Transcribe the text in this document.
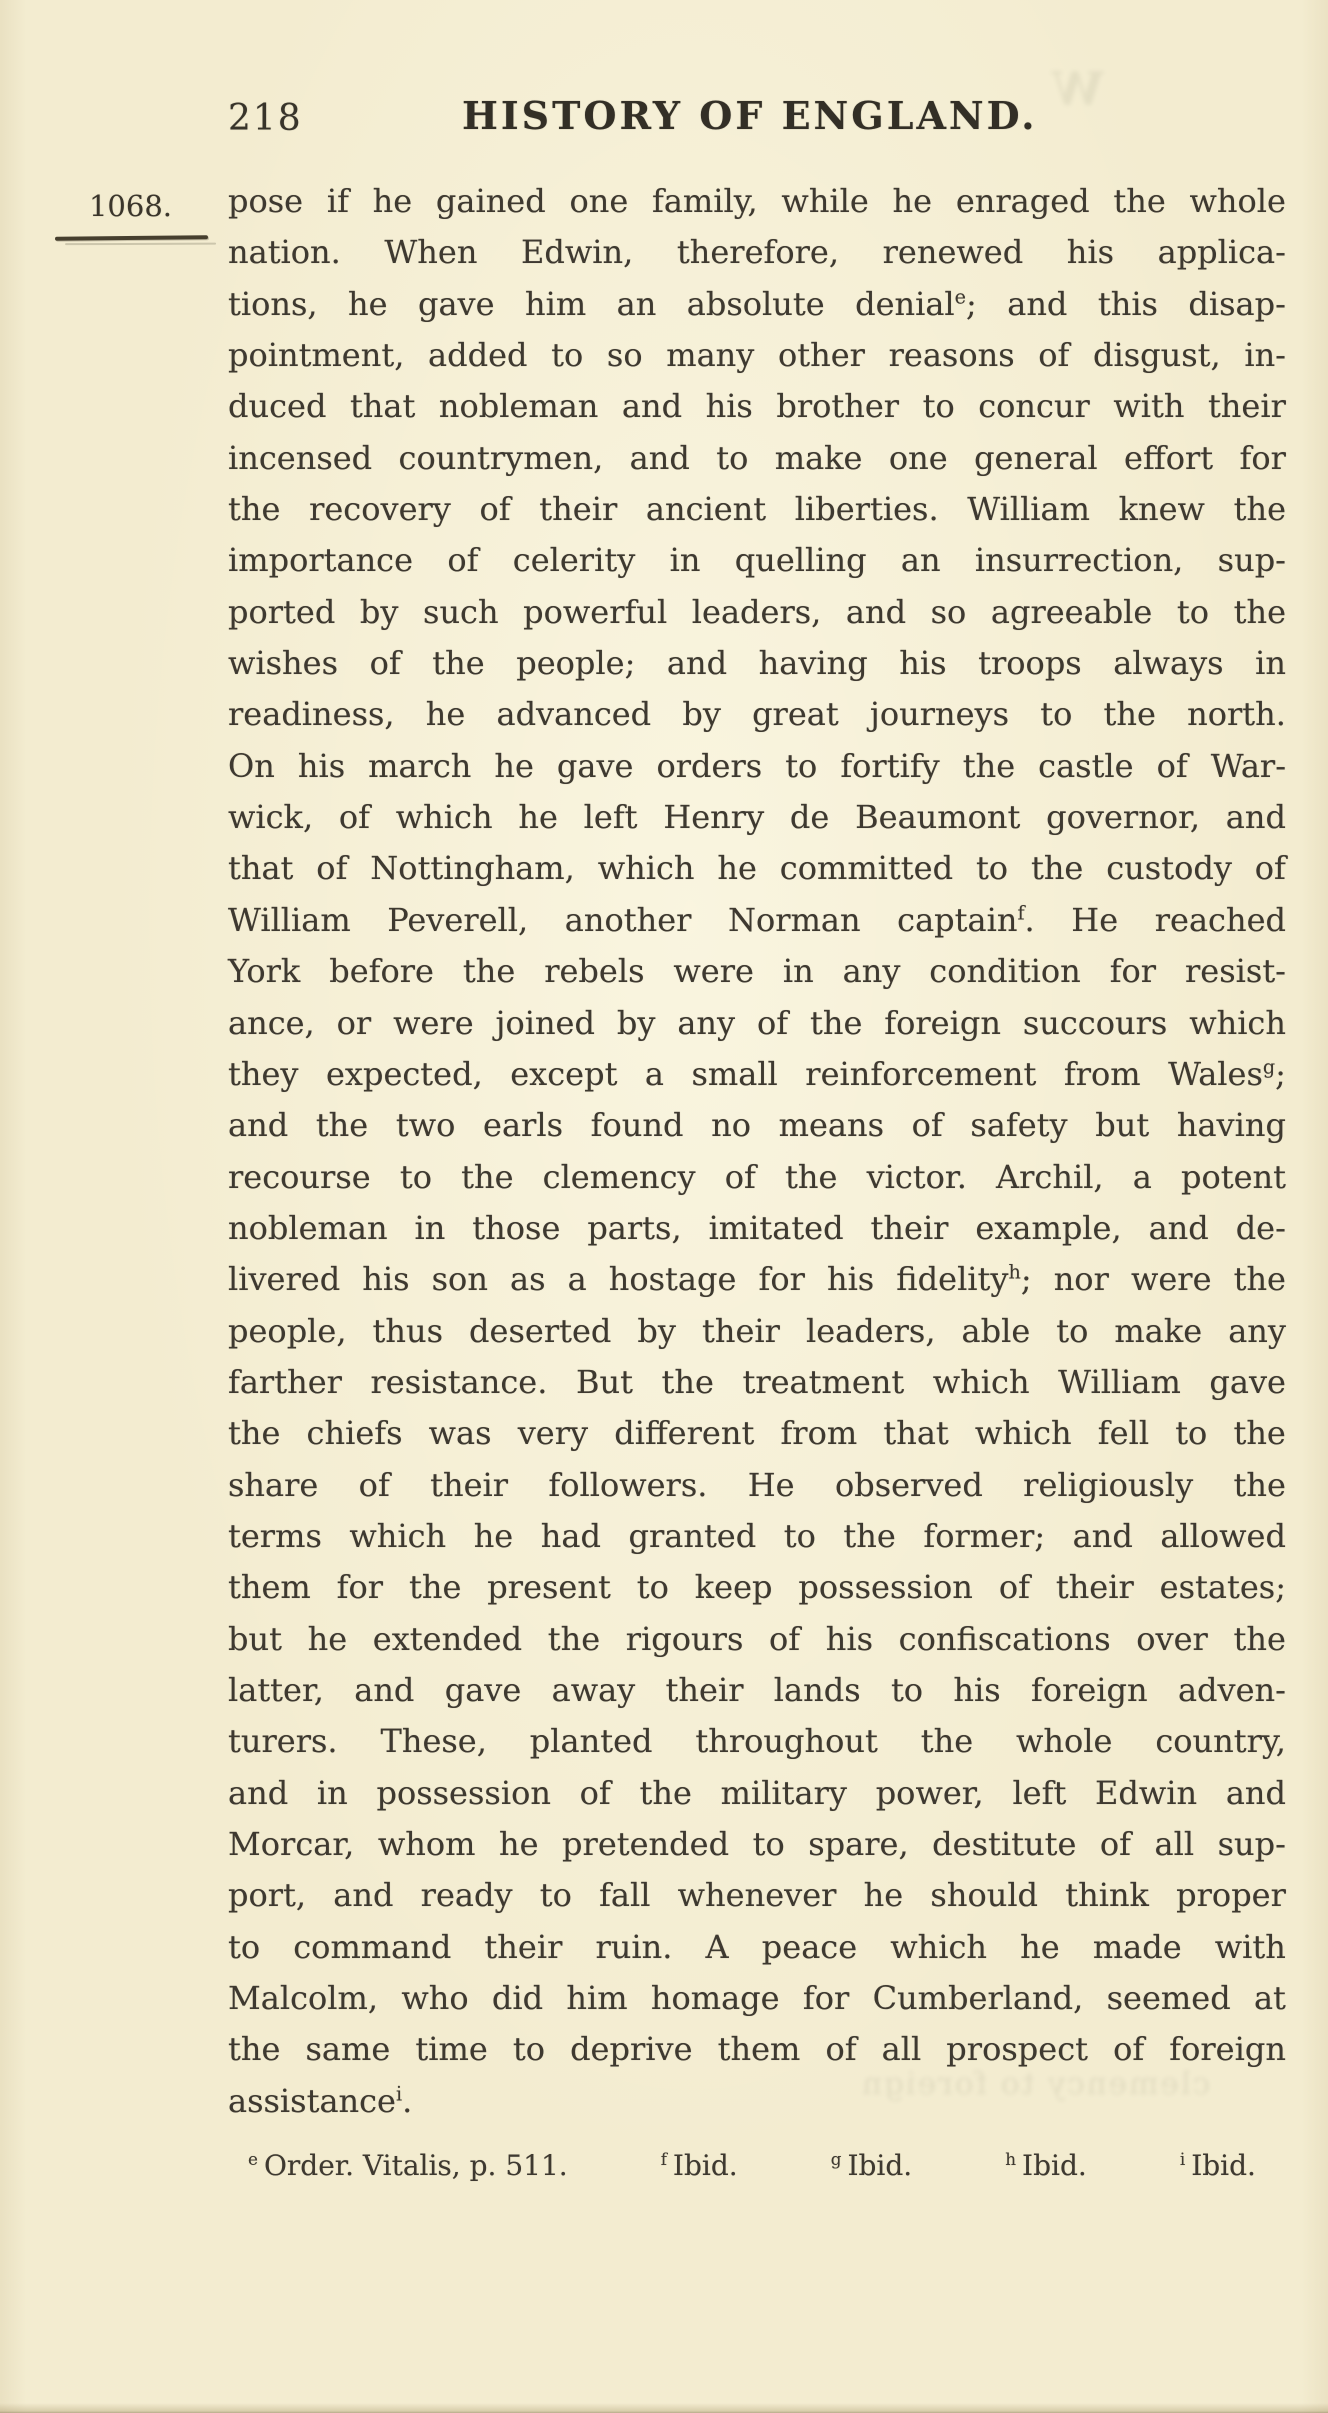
218	HISTORY OF ENGLAND.
1068. pose if he gained one family, while he enraged the whole
nation. When Edwin, therefore, renewed his applica-
tions, he gave him an absolute denial$^e$; and this disap-
pointment, added to so many other reasons of disgust, in-
duced that nobleman and his brother to concur with their
incensed countrymen, and to make one general effort for
the recovery of their ancient liberties. William knew the
importance of celerity in quelling an insurrection, sup-
ported by such powerful leaders, and so agreeable to the
wishes of the people; and having his troops always in
readiness, he advanced by great journeys to the north.
On his march he gave orders to fortify the castle of War-
wick, of which he left Henry de Beaumont governor, and
that of Nottingham, which he committed to the custody of
William Peverell, another Norman captain$^f$. He reached
York before the rebels were in any condition for resist-
ance, or were joined by any of the foreign succours which
they expected, except a small reinforcement from Wales$^g$;
and the two earls found no means of safety but having
recourse to the clemency of the victor. Archil, a potent
nobleman in those parts, imitated their example, and de-
livered his son as a hostage for his fidelity$^h$; nor were the
people, thus deserted by their leaders, able to make any
farther resistance. But the treatment which William gave
the chiefs was very different from that which fell to the
share of their followers. He observed religiously the
terms which he had granted to the former; and allowed
them for the present to keep possession of their estates;
but he extended the rigours of his confiscations over the
latter, and gave away their lands to his foreign adven-
turers. These, planted throughout the whole country,
and in possession of the military power, left Edwin and
Morcar, whom he pretended to spare, destitute of all sup-
port, and ready to fall whenever he should think proper
to command their ruin. A peace which he made with
Malcolm, who did him homage for Cumberland, seemed at
the same time to deprive them of all prospect of foreign
assistance$^i$.
$^e$ Order. Vitalis, p. 511.	$^f$ Ibid.	$^g$ Ibid.	$^h$ Ibid.	$^i$ Ibid.
W
clemency to foreign
